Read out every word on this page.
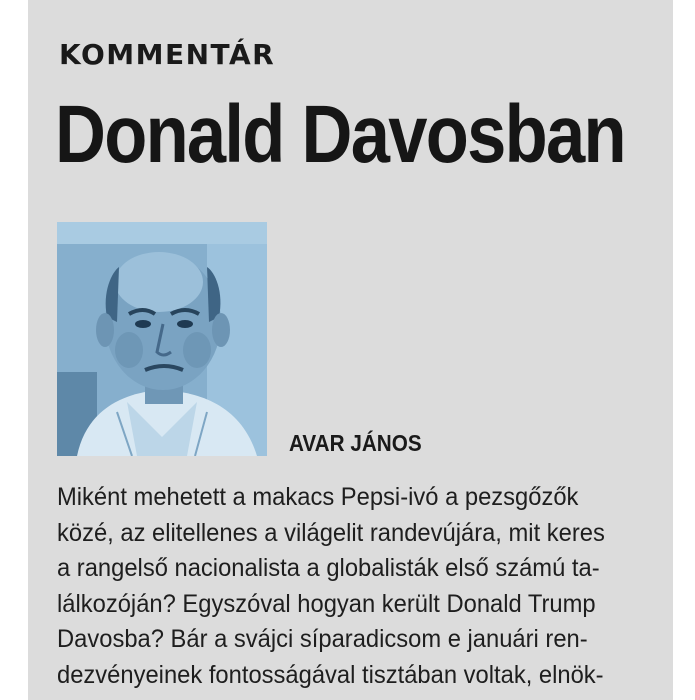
KOMMENTÁR
Donald Davosban
AVAR JÁNOS
Miként mehetett a makacs Pepsi-ivó a pezsgőzők
közé, az elitellenes a világelit randevújára, mit keres
a rangelső nacionalista a globalisták első számú ta-
lálkozóján? Egyszóval hogyan került Donald Trump
Davosba? Bár a svájci síparadicsom e januári ren-
dezvényeinek fontosságával tisztában voltak, elnök-
